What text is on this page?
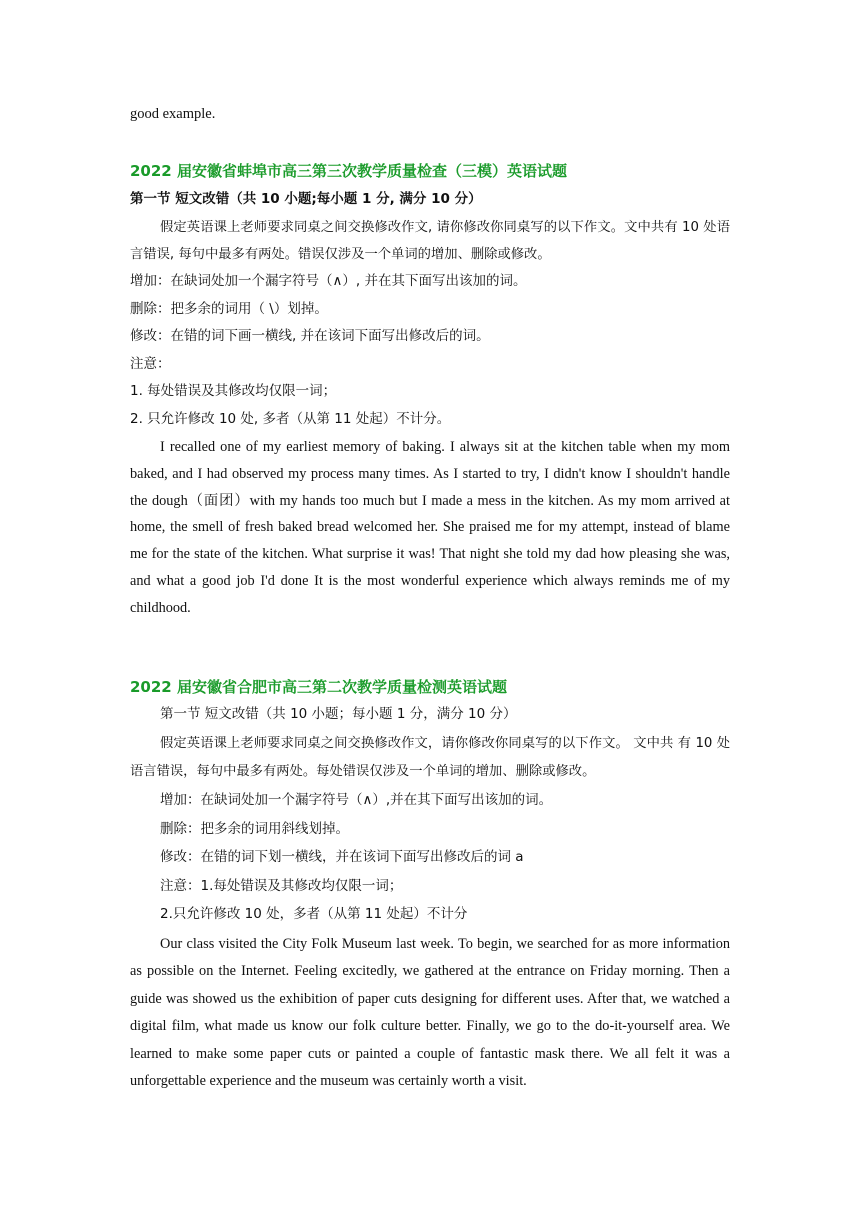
good example.

2022 届安徽省蚌埠市高三第三次教学质量检查（三模）英语试题

第一节 短文改错（共 10 小题;每小题 1 分, 满分 10 分）

假定英语课上老师要求同桌之间交换修改作文, 请你修改你同桌写的以下作文。文中共有 10 处语言错误, 每句中最多有两处。错误仅涉及一个单词的增加、删除或修改。

增加：在缺词处加一个漏字符号（∧）, 并在其下面写出该加的词。

删除：把多余的词用（ \）划掉。

修改：在错的词下画一横线, 并在该词下面写出修改后的词。

注意：

1. 每处错误及其修改均仅限一词；

2. 只允许修改 10 处, 多者（从第 11 处起）不计分。

I recalled one of my earliest memory of baking. I always sit at the kitchen table when my mom baked, and I had observed my process many times. As I started to try, I didn't know I shouldn't handle the dough（面团）with my hands too much but I made a mess in the kitchen. As my mom arrived at home, the smell of fresh baked bread welcomed her. She praised me for my attempt, instead of blame me for the state of the kitchen. What surprise it was! That night she told my dad how pleasing she was, and what a good job I'd done It is the most wonderful experience which always reminds me of my childhood.

2022 届安徽省合肥市高三第二次教学质量检测英语试题

第一节 短文改错（共 10 小题；每小题 1 分，满分 10 分）

假定英语课上老师要求同桌之间交换修改作文，请你修改你同桌写的以下作文。 文中共 有 10 处语言错误，每句中最多有两处。每处错误仅涉及一个单词的增加、删除或修改。

增加：在缺词处加一个漏字符号（∧）,并在其下面写出该加的词。

删除：把多余的词用斜线划掉。

修改：在错的词下划一横线，并在该词下面写出修改后的词 a

注意：1.每处错误及其修改均仅限一词；

2.只允许修改 10 处，多者（从第 11 处起）不计分

Our class visited the City Folk Museum last week. To begin, we searched for as more information as possible on the Internet. Feeling excitedly, we gathered at the entrance on Friday morning. Then a guide was showed us the exhibition of paper cuts designing for different uses. After that, we watched a digital film, what made us know our folk culture better. Finally, we go to the do-it-yourself area. We learned to make some paper cuts or painted a couple of fantastic mask there. We all felt it was a unforgettable experience and the museum was certainly worth a visit.
